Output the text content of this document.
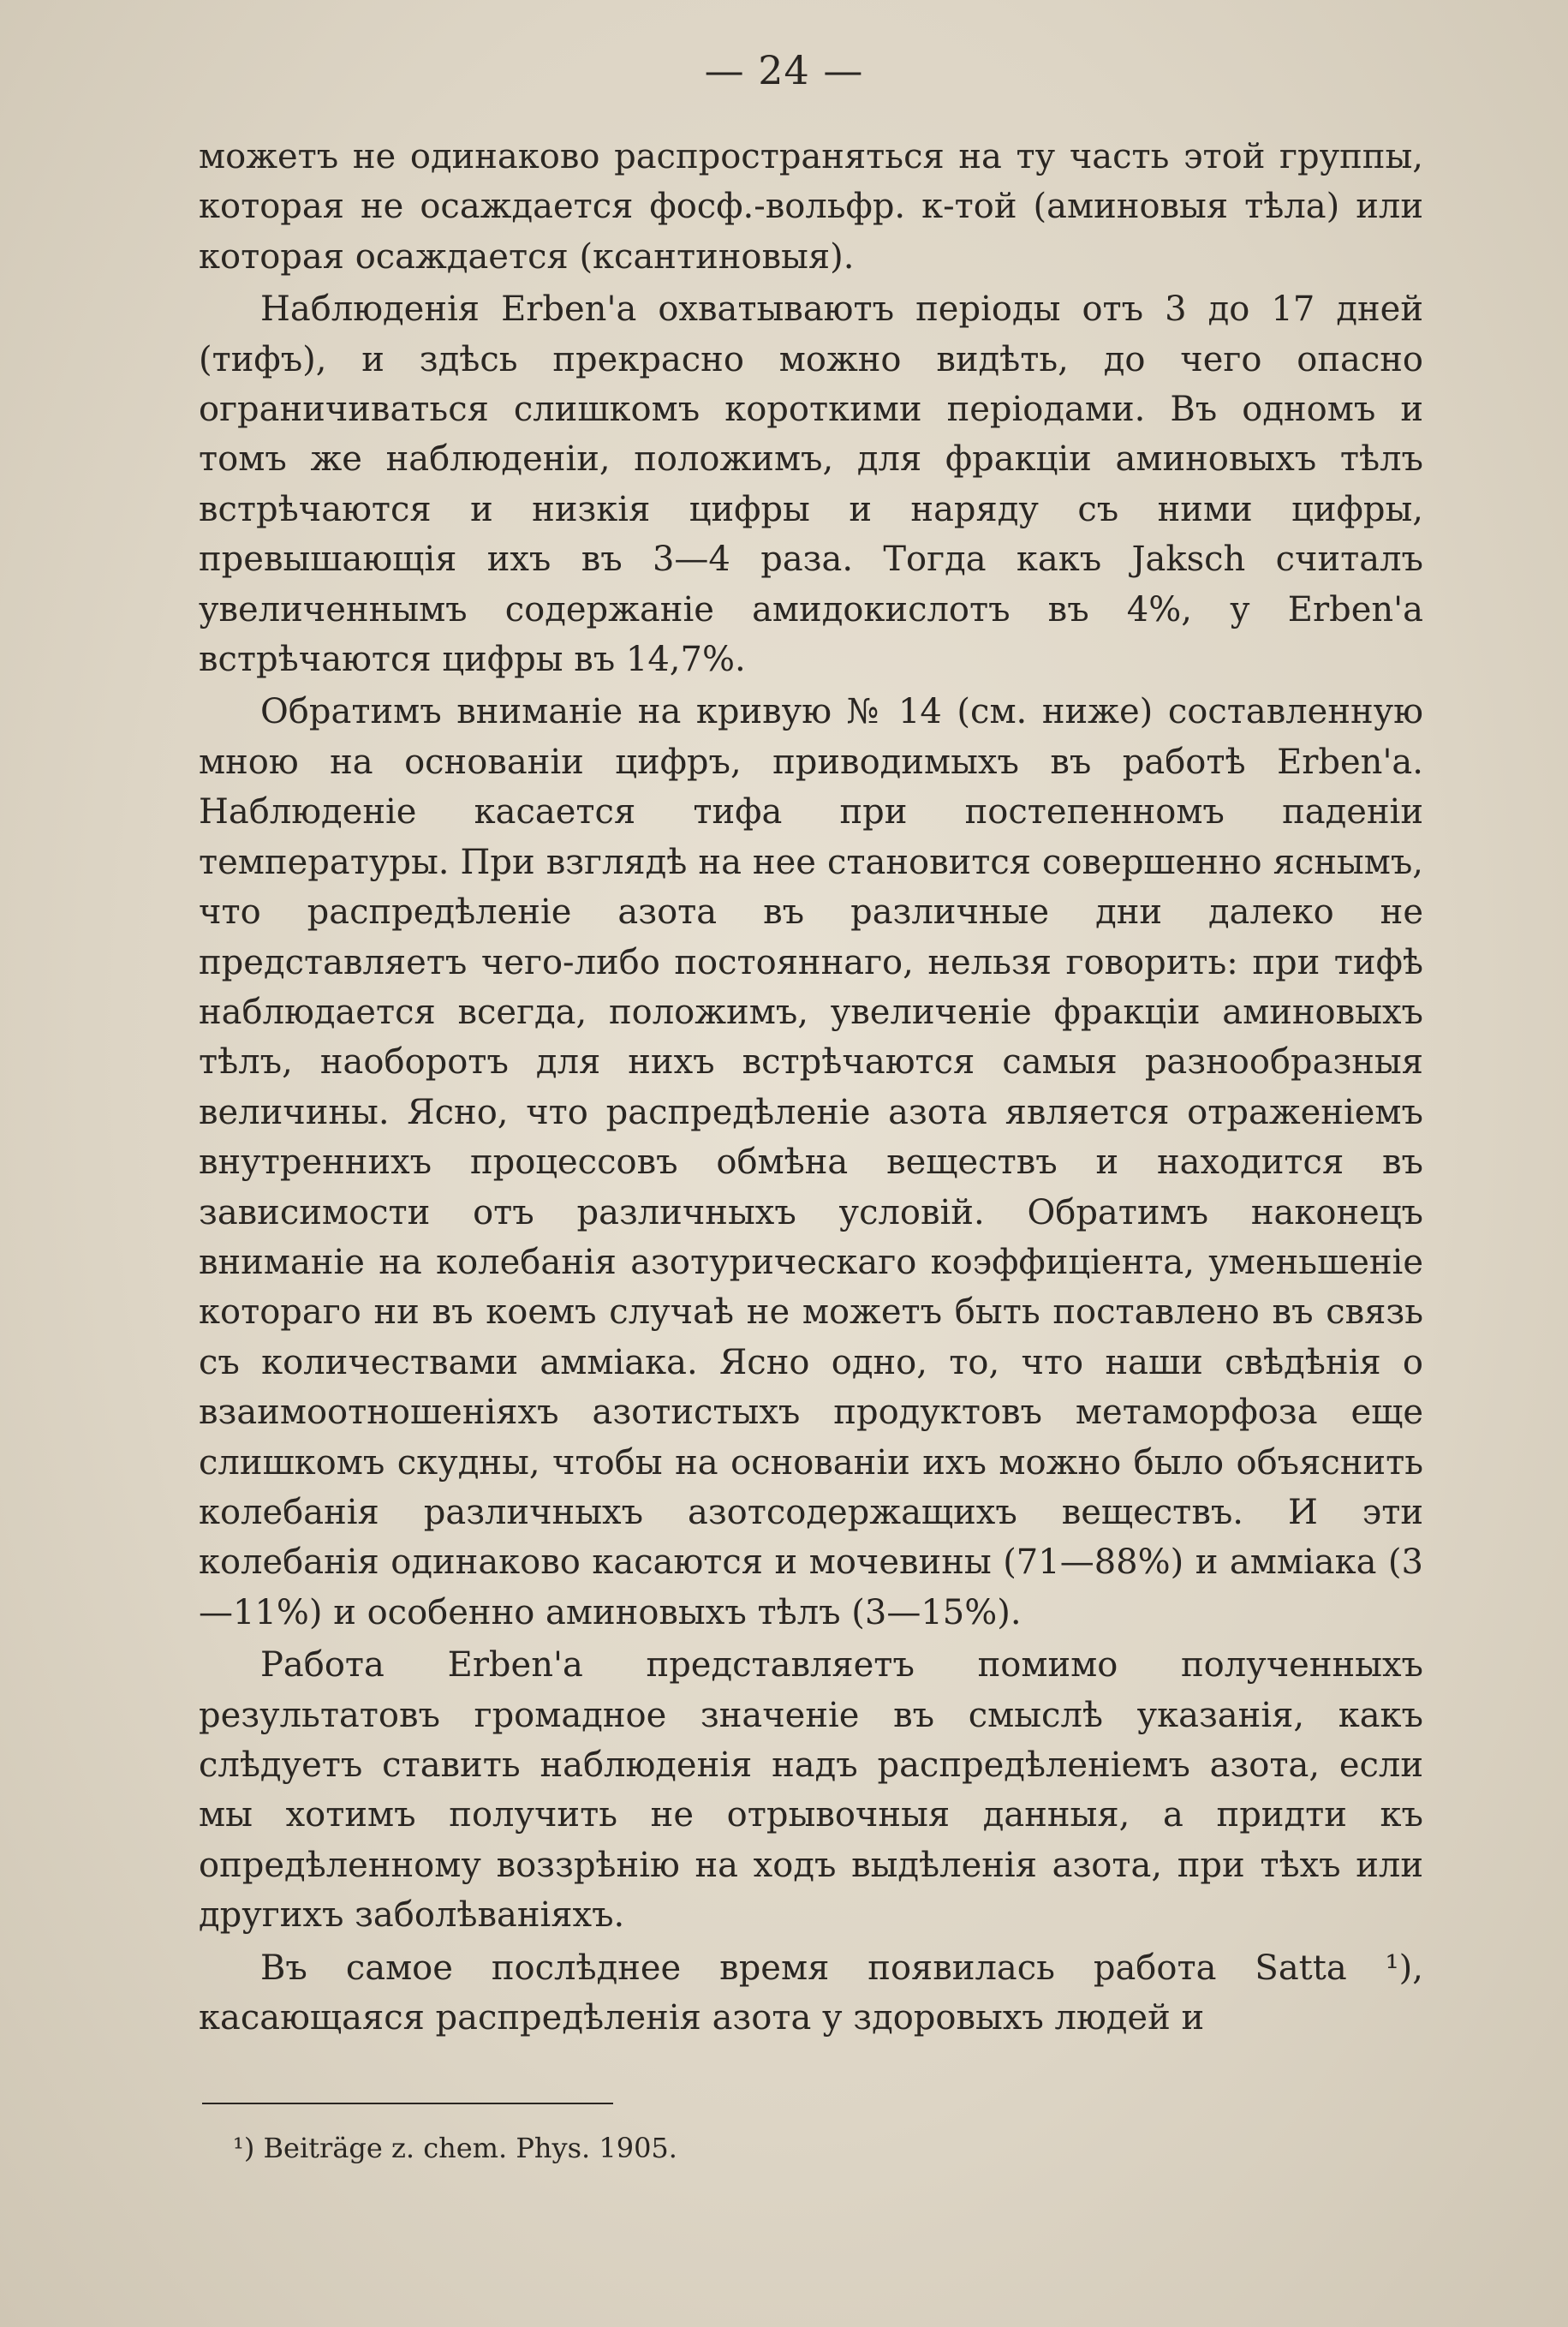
— 24 —

можетъ не одинаково распространяться на ту часть этой группы, которая не осаждается фосф.-вольфр. к-той (аминовыя тѣла) или которая осаждается (ксантиновыя).

Наблюденія Erben'a охватываютъ періоды отъ 3 до 17 дней (тифъ), и здѣсь прекрасно можно видѣть, до чего опасно ограничиваться слишкомъ короткими періодами. Въ одномъ и томъ же наблюденіи, положимъ, для фракціи аминовыхъ тѣлъ встрѣчаются и низкія цифры и наряду съ ними цифры, превышающія ихъ въ 3—4 раза. Тогда какъ Jaksch считалъ увеличеннымъ содержаніе амидокислотъ въ 4%, у Erben'a встрѣчаются цифры въ 14,7%.

Обратимъ вниманіе на кривую № 14 (см. ниже) составленную мною на основаніи цифръ, приводимыхъ въ работѣ Erben'a. Наблюденіе касается тифа при постепенномъ паденіи температуры. При взглядѣ на нее становится совершенно яснымъ, что распредѣленіе азота въ различные дни далеко не представляетъ чего-либо постояннаго, нельзя говорить: при тифѣ наблюдается всегда, положимъ, увеличеніе фракціи аминовыхъ тѣлъ, наоборотъ для нихъ встрѣчаются самыя разнообразныя величины. Ясно, что распредѣленіе азота является отраженіемъ внутреннихъ процессовъ обмѣна веществъ и находится въ зависимости отъ различныхъ условій. Обратимъ наконецъ вниманіе на колебанія азотурическаго коэффиціента, уменьшеніе котораго ни въ коемъ случаѣ не можетъ быть поставлено въ связь съ количествами амміака. Ясно одно, то, что наши свѣдѣнія о взаимоотношеніяхъ азотистыхъ продуктовъ метаморфоза еще слишкомъ скудны, чтобы на основаніи ихъ можно было объяснить колебанія различныхъ азотсодержащихъ веществъ. И эти колебанія одинаково касаются и мочевины (71—88%) и амміака (3—11%) и особенно аминовыхъ тѣлъ (3—15%).

Работа Erben'a представляетъ помимо полученныхъ результатовъ громадное значеніе въ смыслѣ указанія, какъ слѣдуетъ ставить наблюденія надъ распредѣленіемъ азота, если мы хотимъ получить не отрывочныя данныя, а придти къ опредѣленному воззрѣнію на ходъ выдѣленія азота, при тѣхъ или другихъ заболѣваніяхъ.

Въ самое послѣднее время появилась работа Satta ¹), касающаяся распредѣленія азота у здоровыхъ людей и

¹) Beiträge z. chem. Phys. 1905.
